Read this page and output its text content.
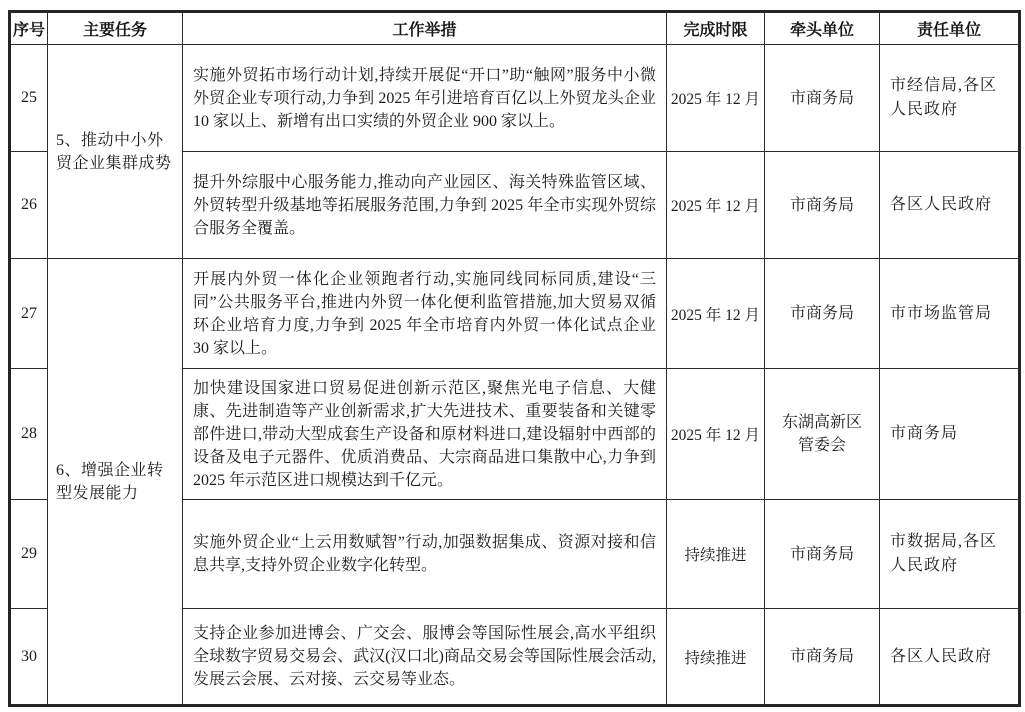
序号	主要任务	工作举措	完成时限	牵头单位	责任单位
25	5、推动中小外贸企业集群成势	实施外贸拓市场行动计划,持续开展促“开口”助“触网”服务中小微外贸企业专项行动,力争到 2025 年引进培育百亿以上外贸龙头企业 10 家以上、新增有出口实绩的外贸企业 900 家以上。	2025 年 12 月	市商务局	市经信局,各区人民政府
26		提升外综服中心服务能力,推动向产业园区、海关特殊监管区域、外贸转型升级基地等拓展服务范围,力争到 2025 年全市实现外贸综合服务全覆盖。	2025 年 12 月	市商务局	各区人民政府
27	6、增强企业转型发展能力	开展内外贸一体化企业领跑者行动,实施同线同标同质,建设“三同”公共服务平台,推进内外贸一体化便利监管措施,加大贸易双循环企业培育力度,力争到 2025 年全市培育内外贸一体化试点企业 30 家以上。	2025 年 12 月	市商务局	市市场监管局
28		加快建设国家进口贸易促进创新示范区,聚焦光电子信息、大健康、先进制造等产业创新需求,扩大先进技术、重要装备和关键零部件进口,带动大型成套生产设备和原材料进口,建设辐射中西部的设备及电子元器件、优质消费品、大宗商品进口集散中心,力争到 2025 年示范区进口规模达到千亿元。	2025 年 12 月	东湖高新区管委会	市商务局
29		实施外贸企业“上云用数赋智”行动,加强数据集成、资源对接和信息共享,支持外贸企业数字化转型。	持续推进	市商务局	市数据局,各区人民政府
30		支持企业参加进博会、广交会、服博会等国际性展会,高水平组织全球数字贸易交易会、武汉(汉口北)商品交易会等国际性展会活动,发展云会展、云对接、云交易等业态。	持续推进	市商务局	各区人民政府
